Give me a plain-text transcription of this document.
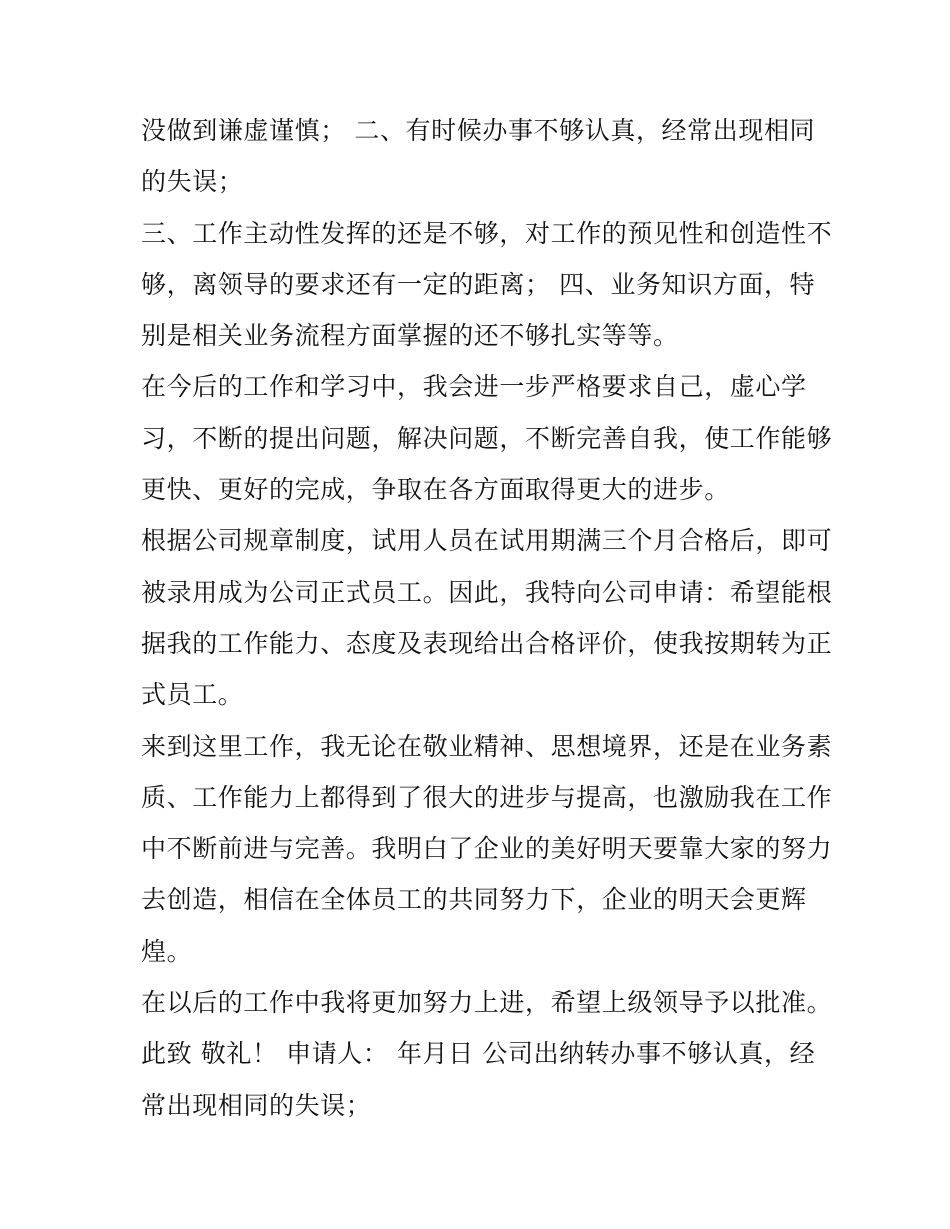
没做到谦虚谨慎； 二、有时候办事不够认真，经常出现相同
的失误；
三、工作主动性发挥的还是不够，对工作的预见性和创造性不
够，离领导的要求还有一定的距离； 四、业务知识方面，特
别是相关业务流程方面掌握的还不够扎实等等。
在今后的工作和学习中，我会进一步严格要求自己，虚心学
习，不断的提出问题，解决问题，不断完善自我，使工作能够
更快、更好的完成，争取在各方面取得更大的进步。
根据公司规章制度，试用人员在试用期满三个月合格后，即可
被录用成为公司正式员工。因此，我特向公司申请：希望能根
据我的工作能力、态度及表现给出合格评价，使我按期转为正
式员工。
来到这里工作，我无论在敬业精神、思想境界，还是在业务素
质、工作能力上都得到了很大的进步与提高，也激励我在工作
中不断前进与完善。我明白了企业的美好明天要靠大家的努力
去创造，相信在全体员工的共同努力下，企业的明天会更辉
煌。
在以后的工作中我将更加努力上进，希望上级领导予以批准。
此致 敬礼！ 申请人： 年月日 公司出纳转办事不够认真，经
常出现相同的失误；
